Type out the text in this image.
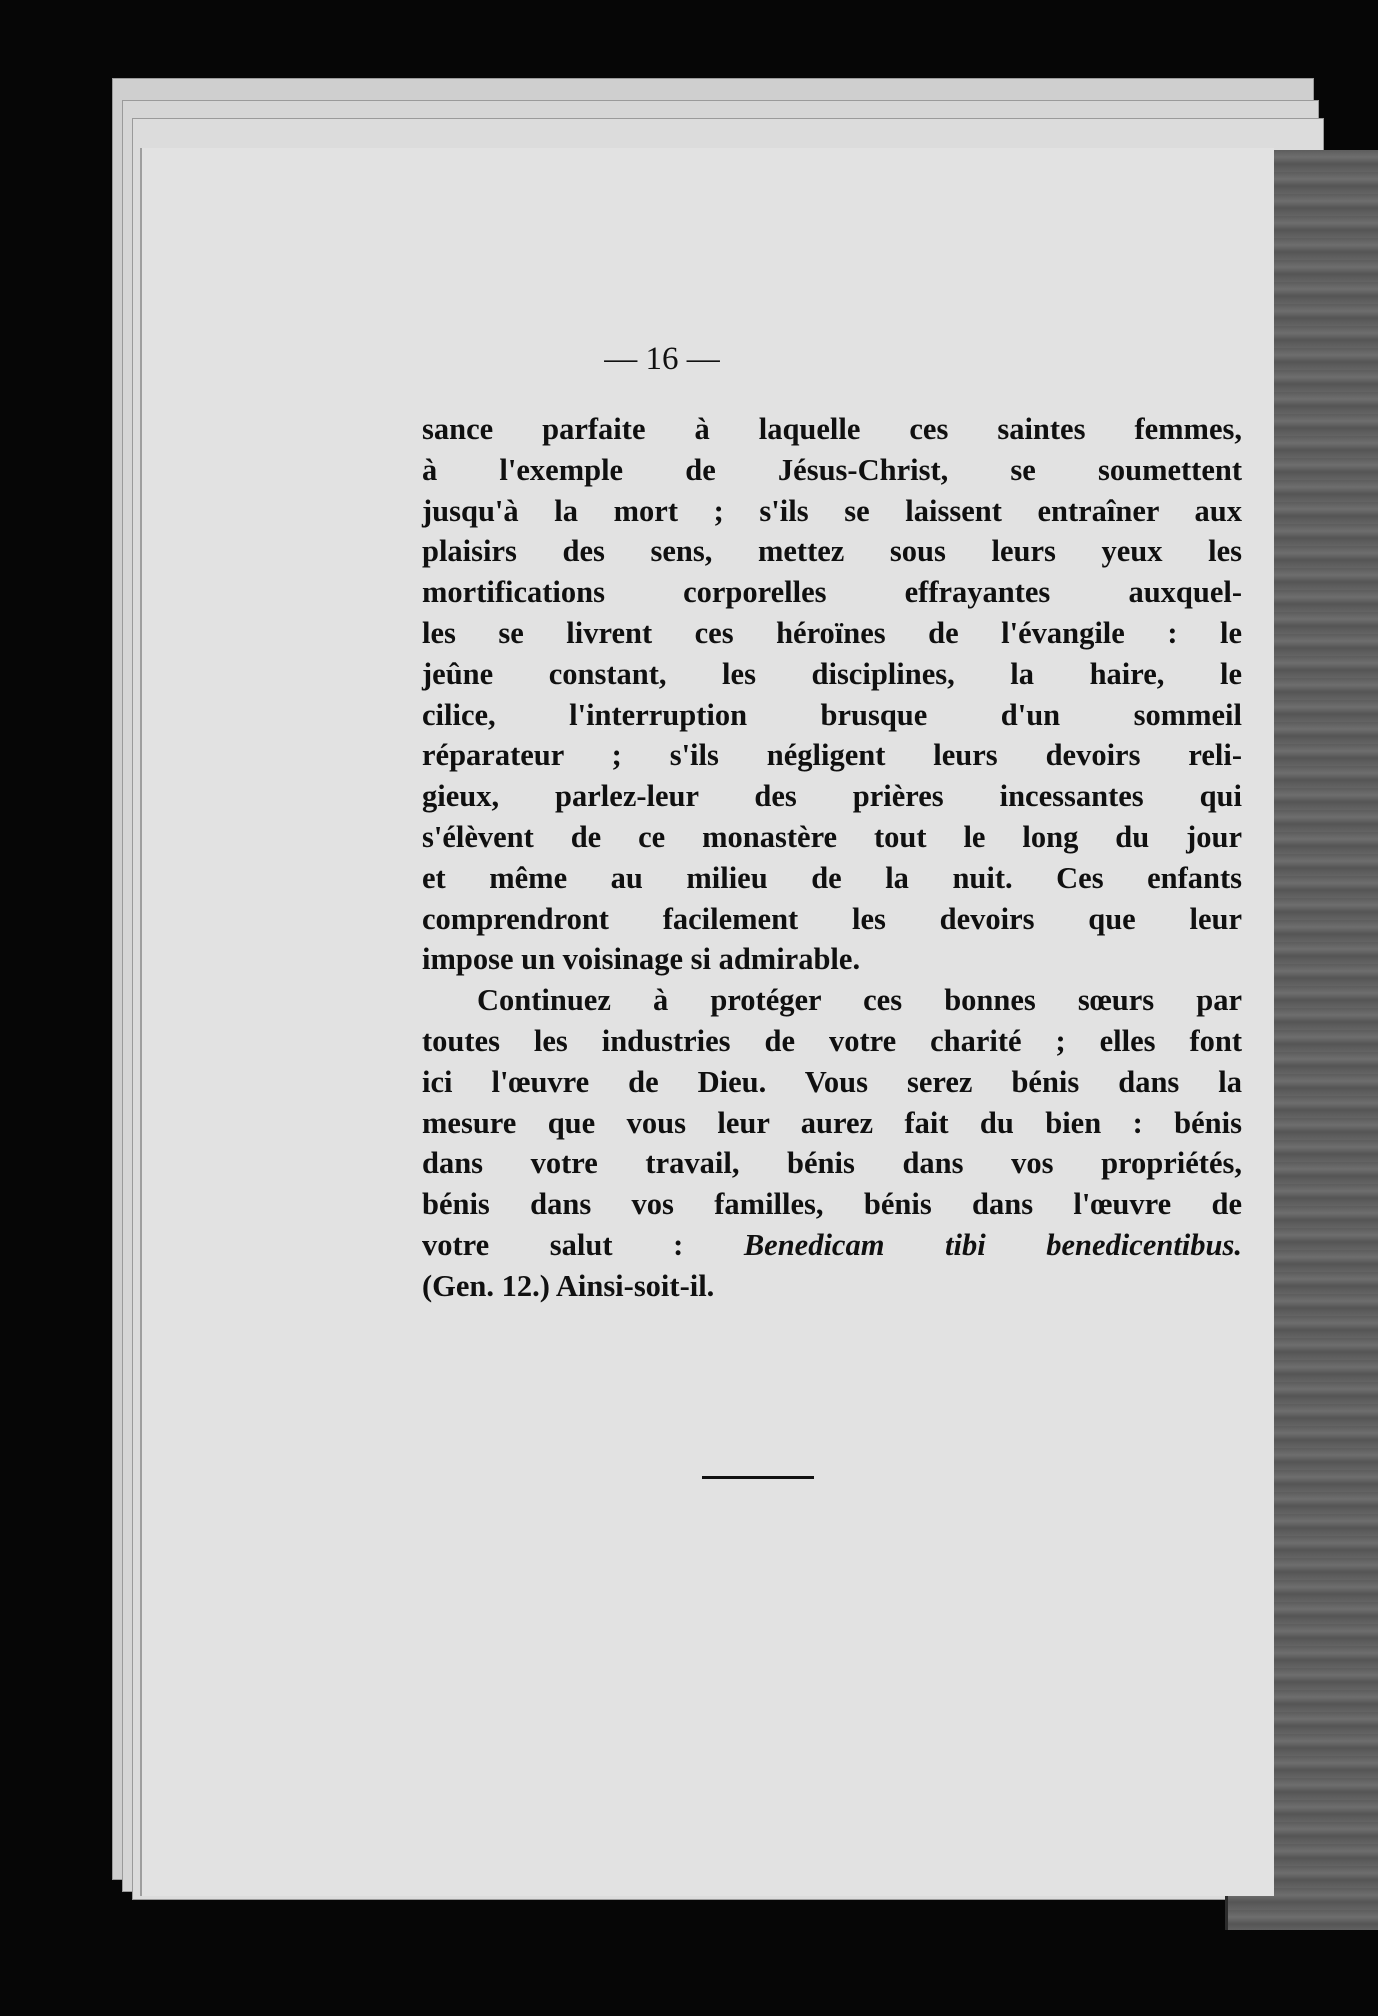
— 16 —
sance parfaite à laquelle ces saintes femmes,
à l'exemple de Jésus-Christ, se soumettent
jusqu'à la mort ; s'ils se laissent entraîner aux
plaisirs des sens, mettez sous leurs yeux les
mortifications corporelles effrayantes auxquel-
les se livrent ces héroïnes de l'évangile : le
jeûne constant, les disciplines, la haire, le
cilice, l'interruption brusque d'un sommeil
réparateur ; s'ils négligent leurs devoirs reli-
gieux, parlez-leur des prières incessantes qui
s'élèvent de ce monastère tout le long du jour
et même au milieu de la nuit. Ces enfants
comprendront facilement les devoirs que leur
impose un voisinage si admirable.
Continuez à protéger ces bonnes sœurs par
toutes les industries de votre charité ; elles font
ici l'œuvre de Dieu. Vous serez bénis dans la
mesure que vous leur aurez fait du bien : bénis
dans votre travail, bénis dans vos propriétés,
bénis dans vos familles, bénis dans l'œuvre de
votre salut : Benedicam tibi benedicentibus.
(Gen. 12.) Ainsi-soit-il.
